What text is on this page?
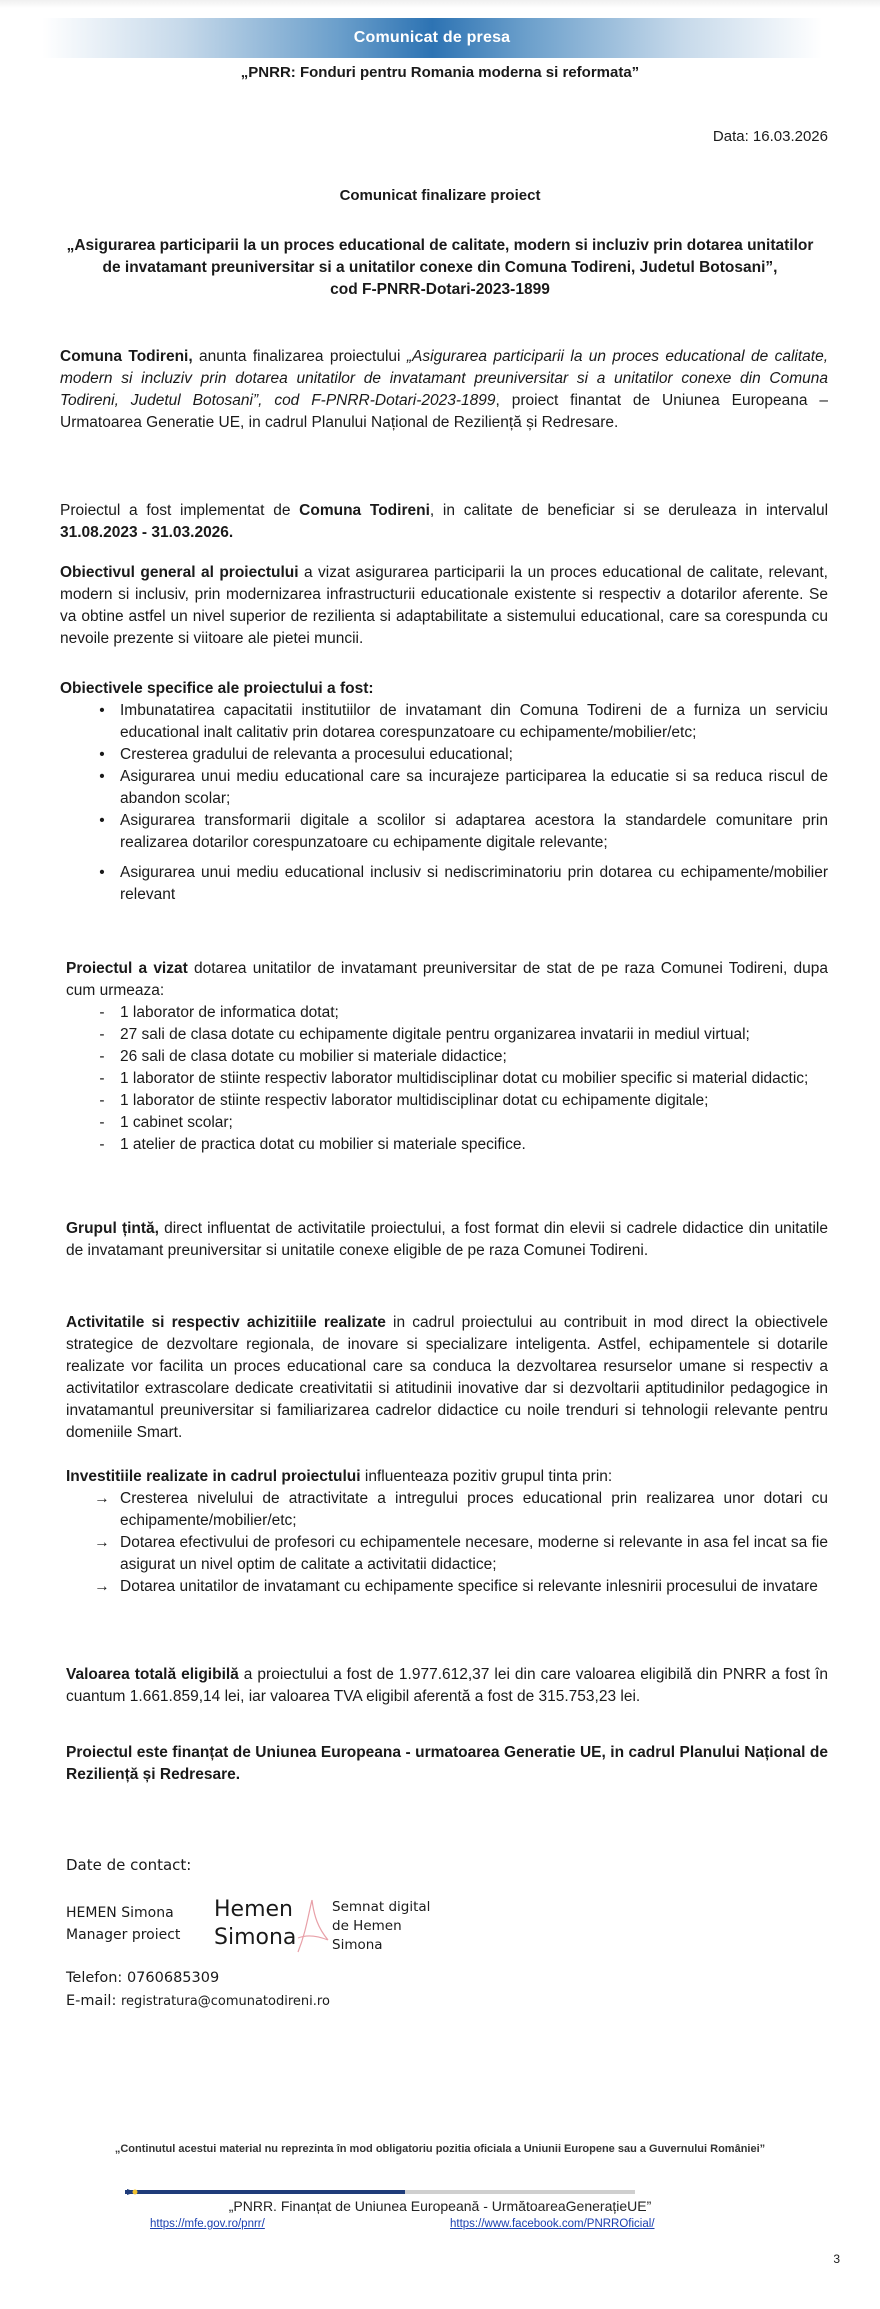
Comunicat de presa
„PNRR: Fonduri pentru Romania moderna si reformata”
Data: 16.03.2026
Comunicat finalizare proiect
„Asigurarea participarii la un proces educational de calitate, modern si incluziv prin dotarea unitatilor de invatamant preuniversitar si a unitatilor conexe din Comuna Todireni, Judetul Botosani”,
cod F-PNRR-Dotari-2023-1899
Comuna Todireni, anunta finalizarea proiectului „Asigurarea participarii la un proces educational de calitate, modern si incluziv prin dotarea unitatilor de invatamant preuniversitar si a unitatilor conexe din Comuna Todireni, Judetul Botosani”, cod F-PNRR-Dotari-2023-1899, proiect finantat de Uniunea Europeana – Urmatoarea Generatie UE, in cadrul Planului Național de Reziliență și Redresare.
Proiectul a fost implementat de Comuna Todireni, in calitate de beneficiar si se deruleaza in intervalul 31.08.2023 - 31.03.2026.
Obiectivul general al proiectului a vizat asigurarea participarii la un proces educational de calitate, relevant, modern si inclusiv, prin modernizarea infrastructurii educationale existente si respectiv a dotarilor aferente. Se va obtine astfel un nivel superior de rezilienta si adaptabilitate a sistemului educational, care sa corespunda cu nevoile prezente si viitoare ale pietei muncii.
Obiectivele specifice ale proiectului a fost:
• Imbunatatirea capacitatii institutiilor de invatamant din Comuna Todireni de a furniza un serviciu educational inalt calitativ prin dotarea corespunzatoare cu echipamente/mobilier/etc;
• Cresterea gradului de relevanta a procesului educational;
• Asigurarea unui mediu educational care sa incurajeze participarea la educatie si sa reduca riscul de abandon scolar;
• Asigurarea transformarii digitale a scolilor si adaptarea acestora la standardele comunitare prin realizarea dotarilor corespunzatoare cu echipamente digitale relevante;
• Asigurarea unui mediu educational inclusiv si nediscriminatoriu prin dotarea cu echipamente/mobilier relevant
Proiectul a vizat dotarea unitatilor de invatamant preuniversitar de stat de pe raza Comunei Todireni, dupa cum urmeaza:
- 1 laborator de informatica dotat;
- 27 sali de clasa dotate cu echipamente digitale pentru organizarea invatarii in mediul virtual;
- 26 sali de clasa dotate cu mobilier si materiale didactice;
- 1 laborator de stiinte respectiv laborator multidisciplinar dotat cu mobilier specific si material didactic;
- 1 laborator de stiinte respectiv laborator multidisciplinar dotat cu echipamente digitale;
- 1 cabinet scolar;
- 1 atelier de practica dotat cu mobilier si materiale specifice.
Grupul țintă, direct influentat de activitatile proiectului, a fost format din elevii si cadrele didactice din unitatile de invatamant preuniversitar si unitatile conexe eligible de pe raza Comunei Todireni.
Activitatile si respectiv achizitiile realizate in cadrul proiectului au contribuit in mod direct la obiectivele strategice de dezvoltare regionala, de inovare si specializare inteligenta. Astfel, echipamentele si dotarile realizate vor facilita un proces educational care sa conduca la dezvoltarea resurselor umane si respectiv a activitatilor extrascolare dedicate creativitatii si atitudinii inovative dar si dezvoltarii aptitudinilor pedagogice in invatamantul preuniversitar si familiarizarea cadrelor didactice cu noile trenduri si tehnologii relevante pentru domeniile Smart.
Investitiile realizate in cadrul proiectului influenteaza pozitiv grupul tinta prin:
→ Cresterea nivelului de atractivitate a intregului proces educational prin realizarea unor dotari cu echipamente/mobilier/etc;
→ Dotarea efectivului de profesori cu echipamentele necesare, moderne si relevante in asa fel incat sa fie asigurat un nivel optim de calitate a activitatii didactice;
→ Dotarea unitatilor de invatamant cu echipamente specifice si relevante inlesnirii procesului de invatare
Valoarea totală eligibilă a proiectului a fost de 1.977.612,37 lei din care valoarea eligibilă din PNRR a fost în cuantum 1.661.859,14 lei, iar valoarea TVA eligibil aferentă a fost de 315.753,23 lei.
Proiectul este finanțat de Uniunea Europeana - urmatoarea Generatie UE, in cadrul Planului Național de Reziliență și Redresare.
Date de contact:
HEMEN Simona
Manager proiect
Hemen
Simona
Semnat digital
de Hemen
Simona
Telefon: 0760685309
E-mail: registratura@comunatodireni.ro
„Continutul acestui material nu reprezinta în mod obligatoriu pozitia oficiala a Uniunii Europene sau a Guvernului României”
„PNRR. Finanțat de Uniunea Europeană - UrmătoareaGenerațieUE”
https://mfe.gov.ro/pnrr/	https://www.facebook.com/PNRROficial/
3
